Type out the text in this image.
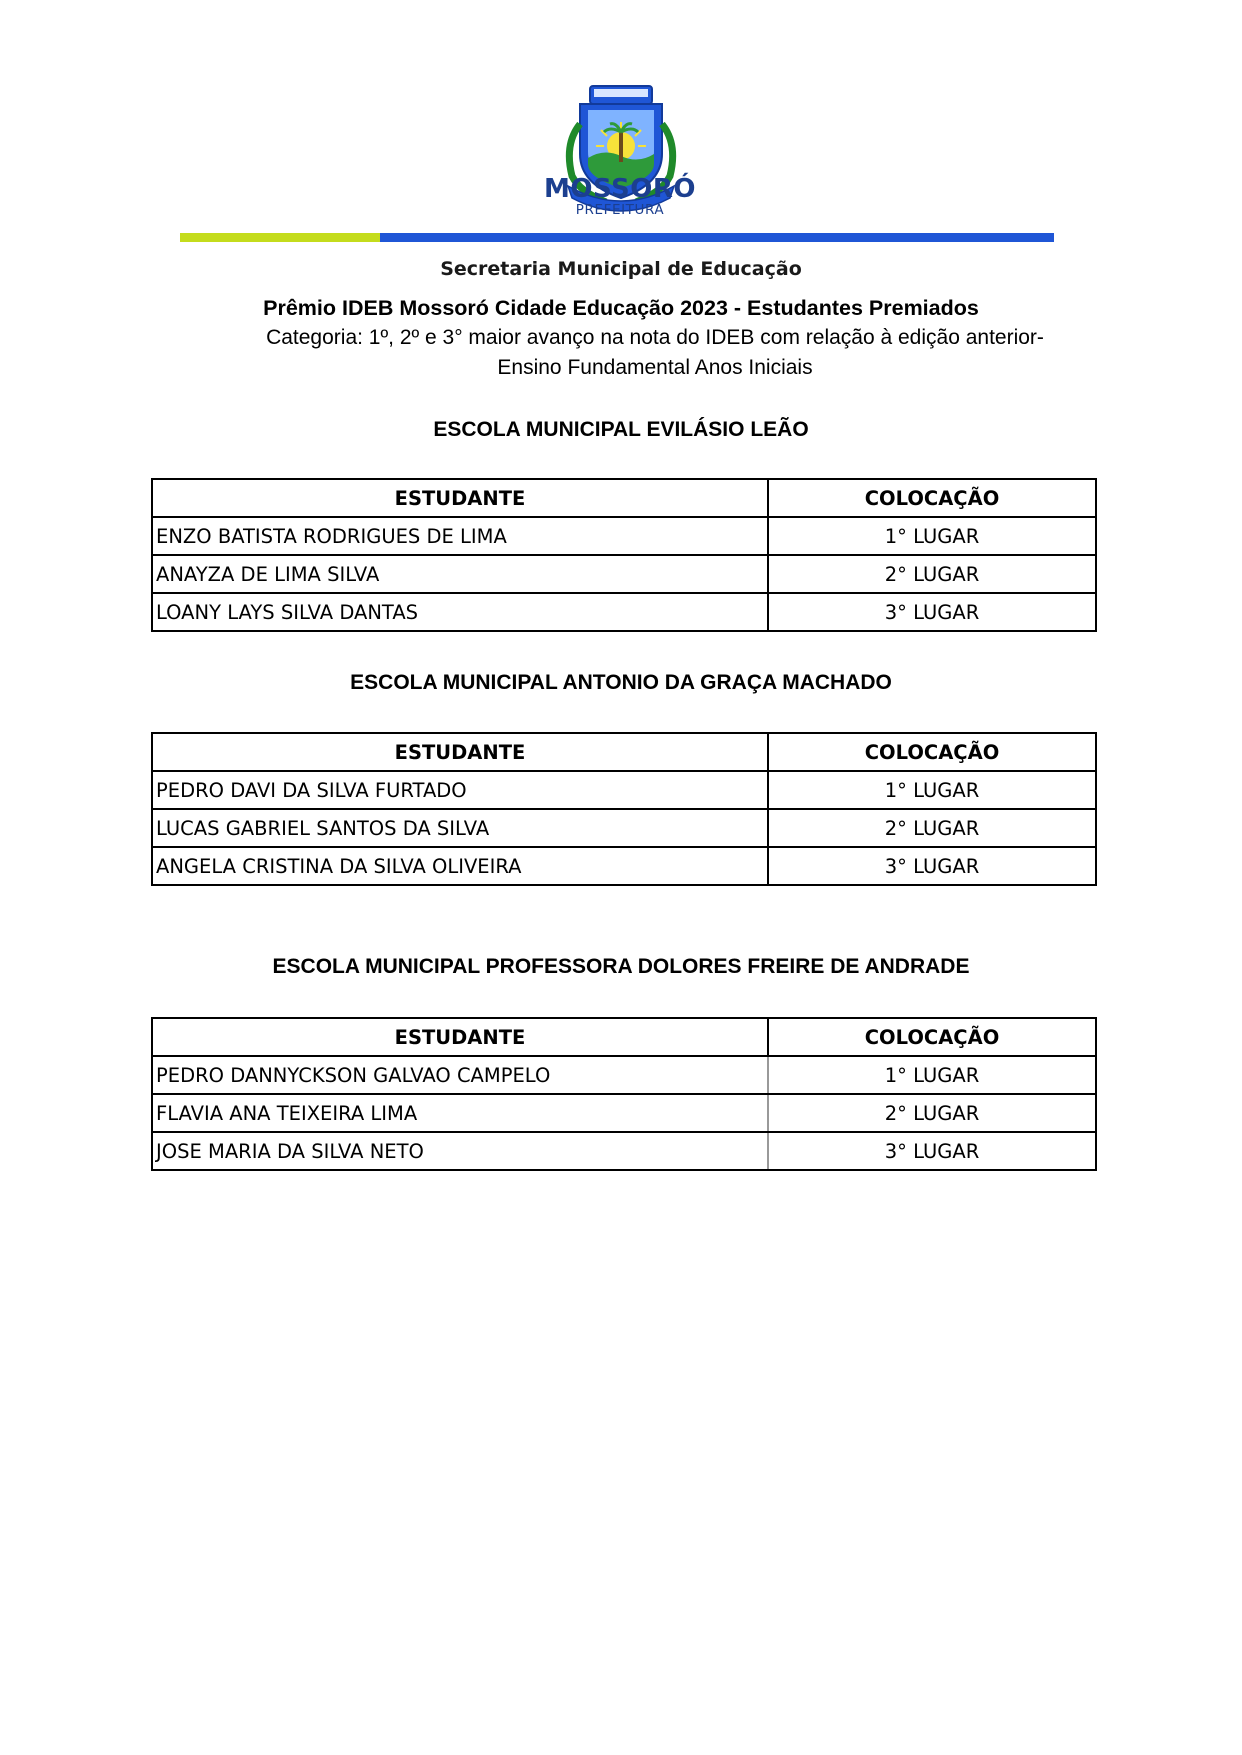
MOSSORÓ
PREFEITURA
Secretaria Municipal de Educação
Prêmio IDEB Mossoró Cidade Educação 2023 - Estudantes Premiados
Categoria: 1º, 2º e 3° maior avanço na nota do IDEB com relação à edição anterior-
Ensino Fundamental Anos Iniciais
ESCOLA MUNICIPAL EVILÁSIO LEÃO
ESTUDANTE	COLOCAÇÃO
ENZO BATISTA RODRIGUES DE LIMA	1° LUGAR
ANAYZA DE LIMA SILVA	2° LUGAR
LOANY LAYS SILVA DANTAS	3° LUGAR
ESCOLA MUNICIPAL ANTONIO DA GRAÇA MACHADO
ESTUDANTE	COLOCAÇÃO
PEDRO DAVI DA SILVA FURTADO	1° LUGAR
LUCAS GABRIEL SANTOS DA SILVA	2° LUGAR
ANGELA CRISTINA DA SILVA OLIVEIRA	3° LUGAR
ESCOLA MUNICIPAL PROFESSORA DOLORES FREIRE DE ANDRADE
ESTUDANTE	COLOCAÇÃO
PEDRO DANNYCKSON GALVAO CAMPELO	1° LUGAR
FLAVIA ANA TEIXEIRA LIMA	2° LUGAR
JOSE MARIA DA SILVA NETO	3° LUGAR
